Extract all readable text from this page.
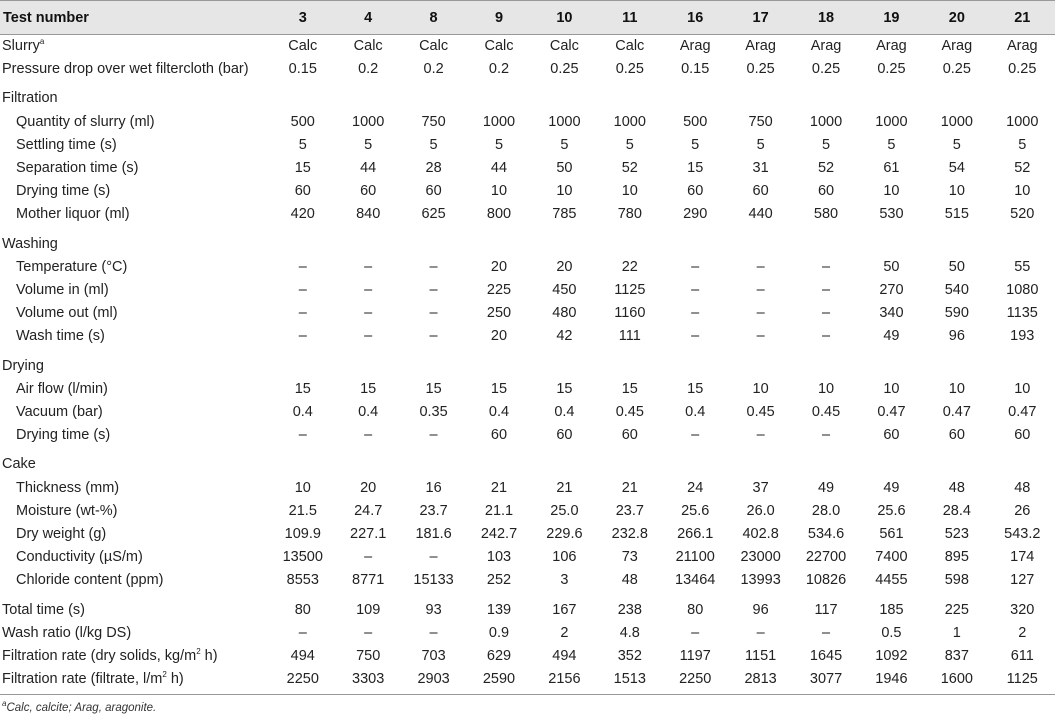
Test number	3	4	8	9	10	11	16	17	18	19	20	21
Slurry$^a$	Calc	Calc	Calc	Calc	Calc	Calc	Arag	Arag	Arag	Arag	Arag	Arag
Pressure drop over wet filtercloth (bar)	0.15	0.2	0.2	0.2	0.25	0.25	0.15	0.25	0.25	0.25	0.25	0.25
Filtration												
Quantity of slurry (ml)	500	1000	750	1000	1000	1000	500	750	1000	1000	1000	1000
Settling time (s)	5	5	5	5	5	5	5	5	5	5	5	5
Separation time (s)	15	44	28	44	50	52	15	31	52	61	54	52
Drying time (s)	60	60	60	10	10	10	60	60	60	10	10	10
Mother liquor (ml)	420	840	625	800	785	780	290	440	580	530	515	520
Washing												
Temperature (°C)	–	–	–	20	20	22	–	–	–	50	50	55
Volume in (ml)	–	–	–	225	450	1125	–	–	–	270	540	1080
Volume out (ml)	–	–	–	250	480	1160	–	–	–	340	590	1135
Wash time (s)	–	–	–	20	42	111	–	–	–	49	96	193
Drying												
Air flow (l/min)	15	15	15	15	15	15	15	10	10	10	10	10
Vacuum (bar)	0.4	0.4	0.35	0.4	0.4	0.45	0.4	0.45	0.45	0.47	0.47	0.47
Drying time (s)	–	–	–	60	60	60	–	–	–	60	60	60
Cake												
Thickness (mm)	10	20	16	21	21	21	24	37	49	49	48	48
Moisture (wt-%)	21.5	24.7	23.7	21.1	25.0	23.7	25.6	26.0	28.0	25.6	28.4	26
Dry weight (g)	109.9	227.1	181.6	242.7	229.6	232.8	266.1	402.8	534.6	561	523	543.2
Conductivity (µS/m)	13500	–	–	103	106	73	21100	23000	22700	7400	895	174
Chloride content (ppm)	8553	8771	15133	252	3	48	13464	13993	10826	4455	598	127
Total time (s)	80	109	93	139	167	238	80	96	117	185	225	320
Wash ratio (l/kg DS)	–	–	–	0.9	2	4.8	–	–	–	0.5	1	2
Filtration rate (dry solids, $kg/m^2$ h)	494	750	703	629	494	352	1197	1151	1645	1092	837	611
Filtration rate (filtrate, $l/m^2$ h)	2250	3303	2903	2590	2156	1513	2250	2813	3077	1946	1600	1125
$^a$Calc, calcite; Arag, aragonite.
